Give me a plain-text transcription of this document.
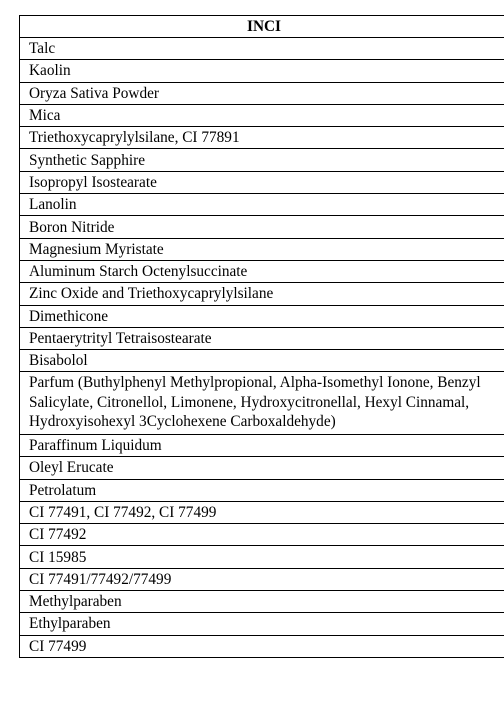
INCI
Talc
Kaolin
Oryza Sativa Powder
Mica
Triethoxycaprylylsilane, CI 77891
Synthetic Sapphire
Isopropyl Isostearate
Lanolin
Boron Nitride
Magnesium Myristate
Aluminum Starch Octenylsuccinate
Zinc Oxide and Triethoxycaprylylsilane
Dimethicone
Pentaerytrityl Tetraisostearate
Bisabolol
Parfum (Buthylphenyl Methylpropional, Alpha-Isomethyl Ionone, Benzyl Salicylate, Citronellol, Limonene, Hydroxycitronellal, Hexyl Cinnamal, Hydroxyisohexyl 3Cyclohexene Carboxaldehyde)
Paraffinum Liquidum
Oleyl Erucate
Petrolatum
CI 77491, CI 77492, CI 77499
CI 77492
CI 15985
CI 77491/77492/77499
Methylparaben
Ethylparaben
CI 77499
